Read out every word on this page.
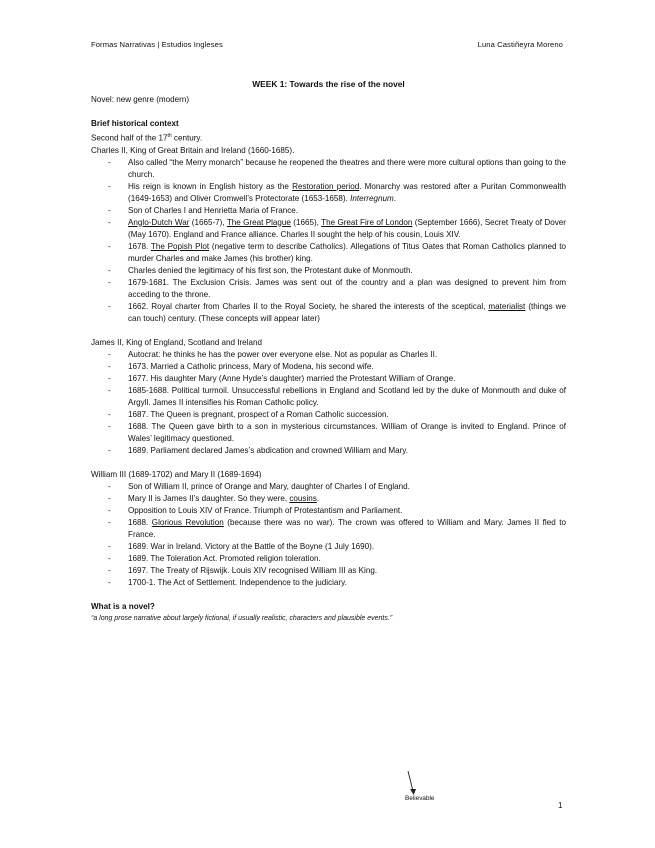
Formas Narrativas | Estudios Ingleses	Luna Castiñeyra Moreno

WEEK 1: Towards the rise of the novel

Novel: new genre (modern)

Brief historical context

Second half of the 17th century.

Charles II, King of Great Britain and Ireland (1660-1685).

- Also called “the Merry monarch” because he reopened the theatres and there were more cultural options than going to the church.
- His reign is known in English history as the Restoration period. Monarchy was restored after a Puritan Commonwealth (1649-1653) and Oliver Cromwell’s Protectorate (1653-1658). Interregnum.
- Son of Charles I and Henrietta Maria of France.
- Anglo-Dutch War (1665-7), The Great Plague (1665), The Great Fire of London (September 1666), Secret Treaty of Dover (May 1670). England and France alliance. Charles II sought the help of his cousin, Louis XIV.
- 1678. The Popish Plot (negative term to describe Catholics). Allegations of Titus Oates that Roman Catholics planned to murder Charles and make James (his brother) king.
- Charles denied the legitimacy of his first son, the Protestant duke of Monmouth.
- 1679-1681. The Exclusion Crisis. James was sent out of the country and a plan was designed to prevent him from acceding to the throne.
- 1662. Royal charter from Charles II to the Royal Society, he shared the interests of the sceptical, materialist (things we can touch) century. (These concepts will appear later)

James II, King of England, Scotland and Ireland

- Autocrat: he thinks he has the power over everyone else. Not as popular as Charles II.
- 1673. Married a Catholic princess, Mary of Modena, his second wife.
- 1677. His daughter Mary (Anne Hyde’s daughter) married the Protestant William of Orange.
- 1685-1688. Political turmoil. Unsuccessful rebellions in England and Scotland led by the duke of Monmouth and duke of Argyll. James II intensifies his Roman Catholic policy.
- 1687. The Queen is pregnant, prospect of a Roman Catholic succession.
- 1688. The Queen gave birth to a son in mysterious circumstances. William of Orange is invited to England. Prince of Wales’ legitimacy questioned.
- 1689. Parliament declared James’s abdication and crowned William and Mary.

William III (1689-1702) and Mary II (1689-1694)

- Son of William II, prince of Orange and Mary, daughter of Charles I of England.
- Mary II is James II’s daughter. So they were, cousins.
- Opposition to Louis XIV of France. Triumph of Protestantism and Parliament.
- 1688. Glorious Revolution (because there was no war). The crown was offered to William and Mary. James II fled to France.
- 1689. War in Ireland. Victory at the Battle of the Boyne (1 July 1690).
- 1689. The Toleration Act. Promoted religion toleration.
- 1697. The Treaty of Rijswijk. Louis XIV recognised William III as King.
- 1700-1. The Act of Settlement. Independence to the judiciary.

What is a novel?

“a long prose narrative about largely fictional, if usually realistic, characters and plausible events.”

Believable
1
